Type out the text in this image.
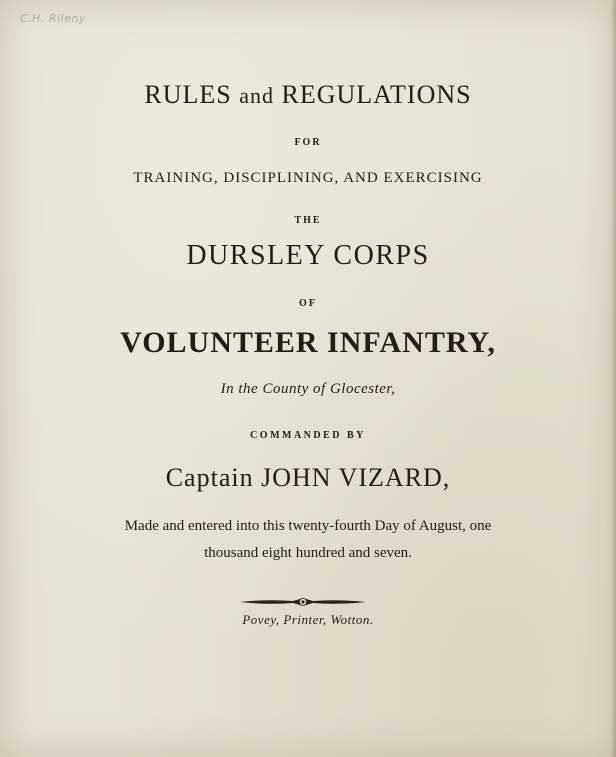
C.H. Rileny
RULES and REGULATIONS
FOR
TRAINING, DISCIPLINING, AND EXERCISING
THE
DURSLEY CORPS
OF
VOLUNTEER INFANTRY,
In the County of Glocester,
COMMANDED BY
Captain JOHN VIZARD,
Made and entered into this twenty-fourth Day of August, one
thousand eight hundred and seven.
Povey, Printer, Wotton.
